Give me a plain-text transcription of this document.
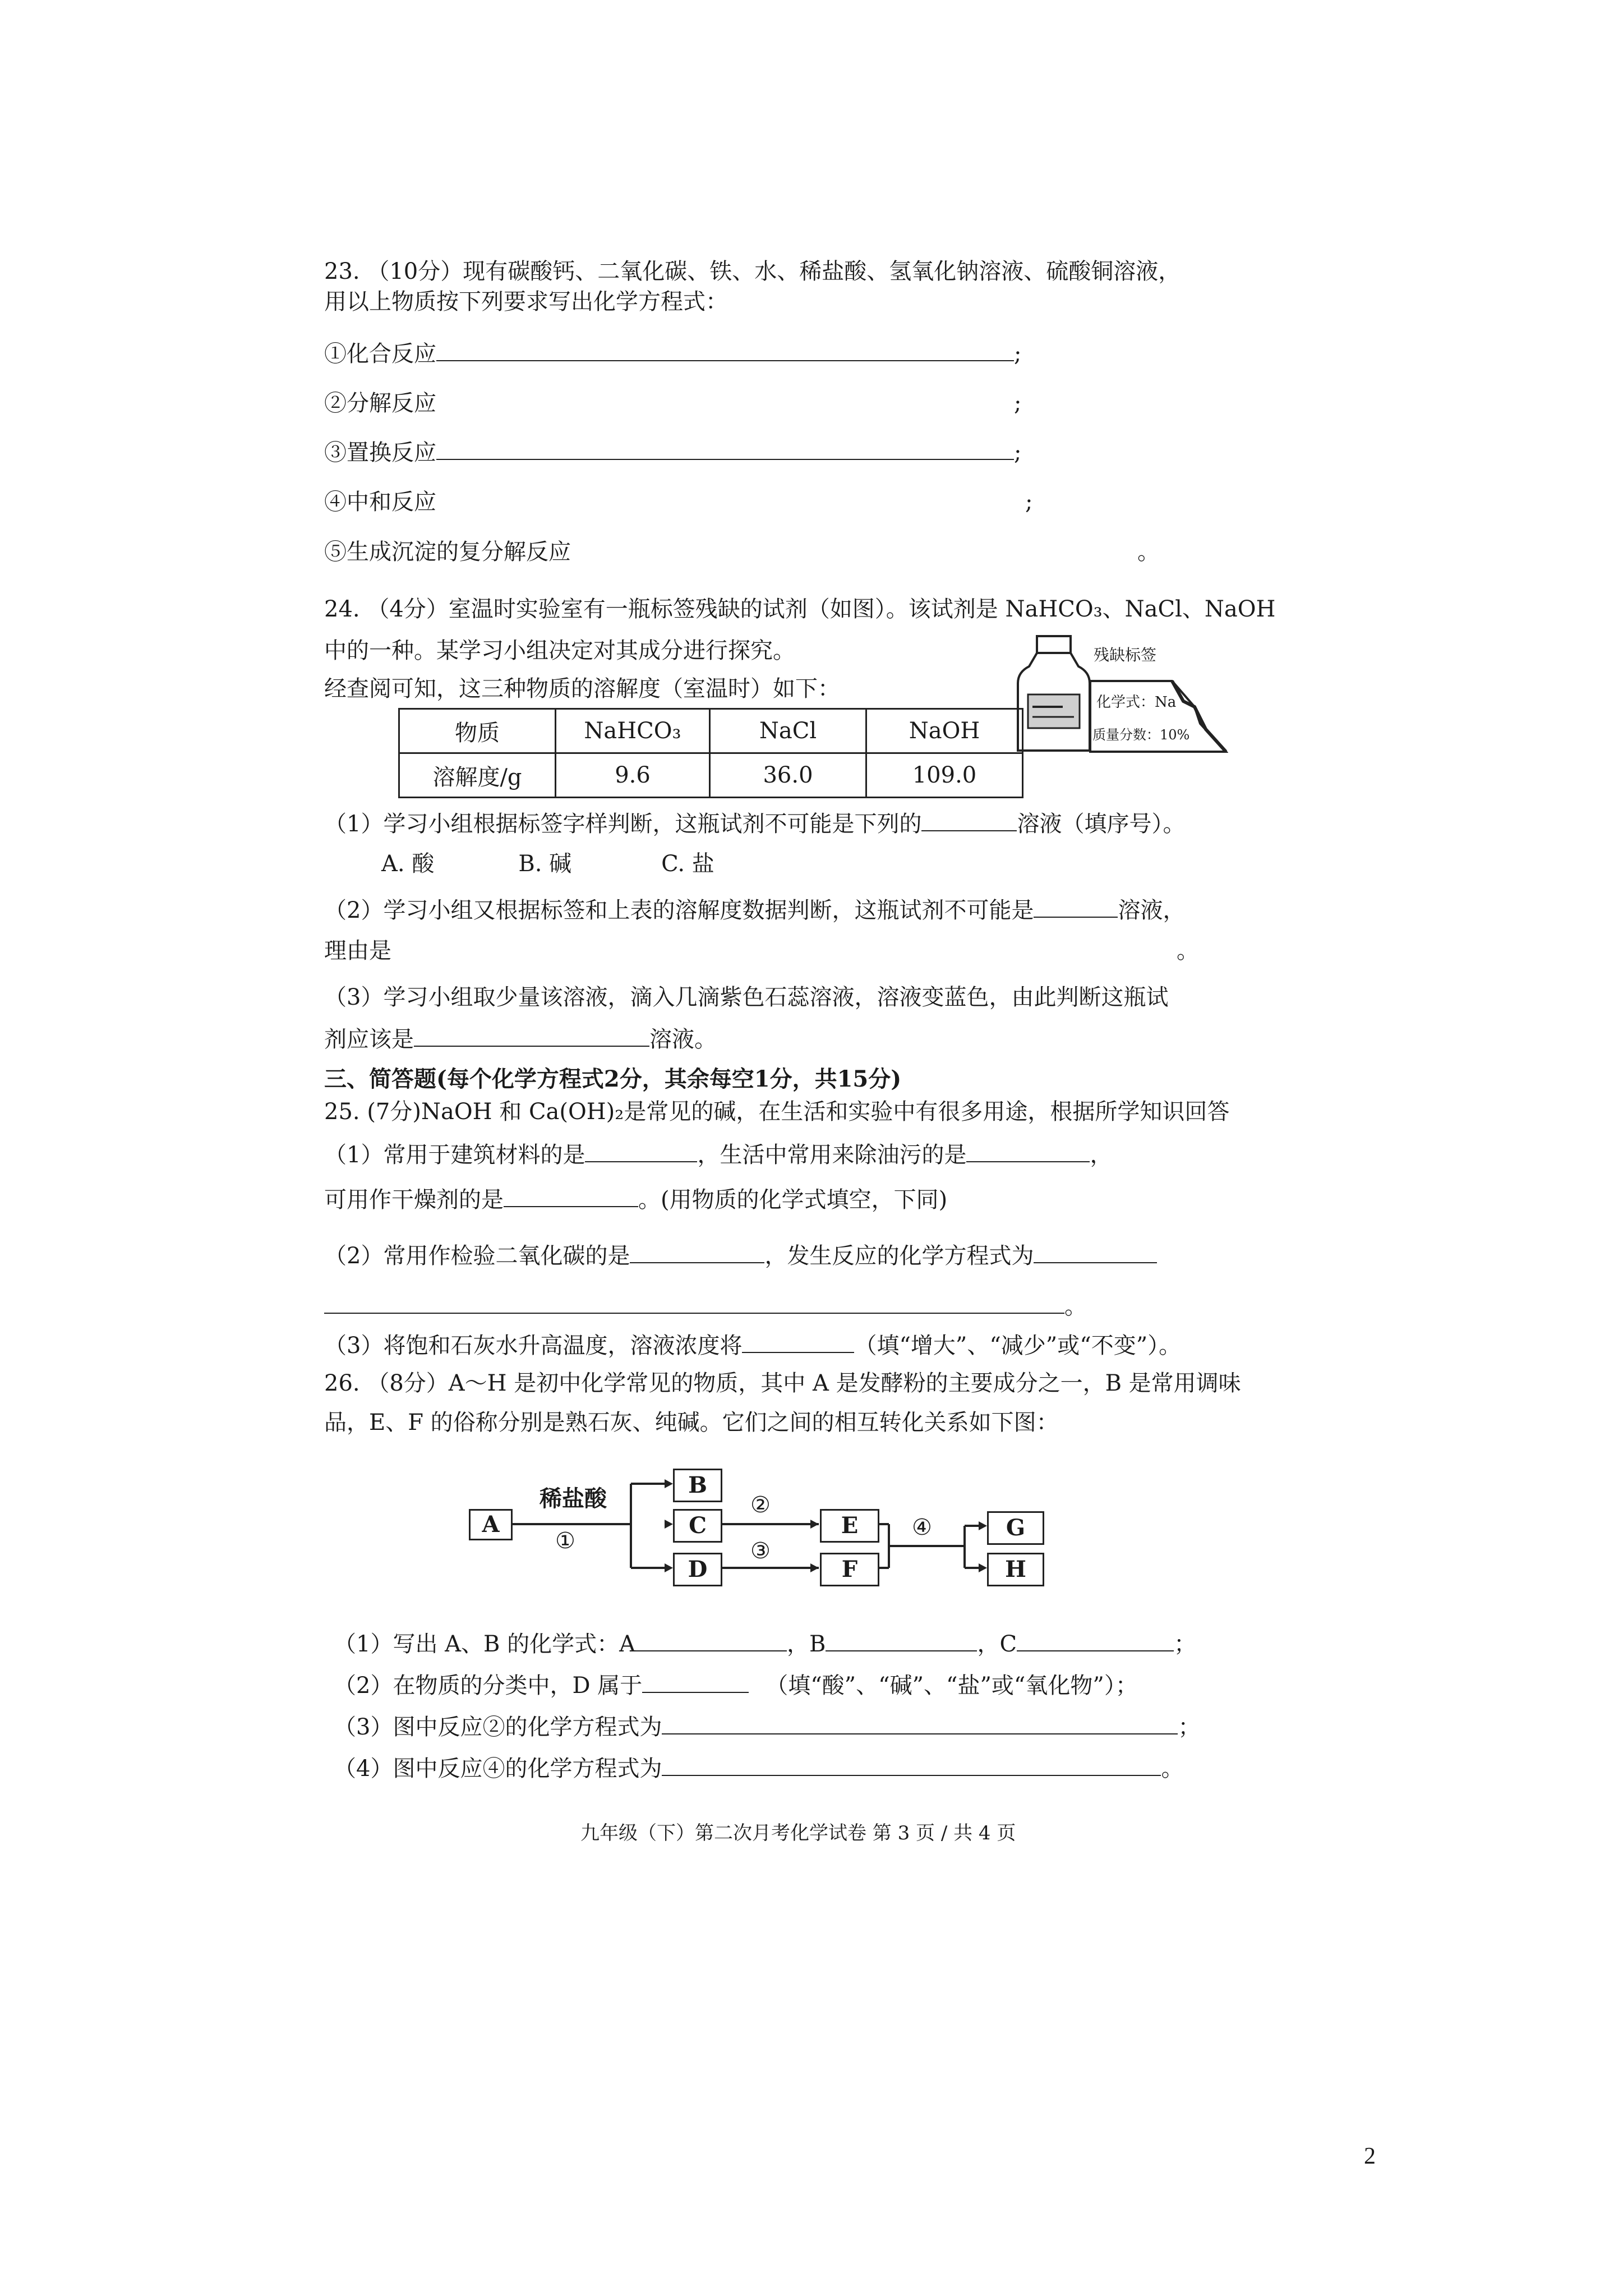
23. （10分）现有碳酸钙、二氧化碳、铁、水、稀盐酸、氢氧化钠溶液、硫酸铜溶液，
用以上物质按下列要求写出化学方程式：
①化合反应	;
②分解反应	;
③置换反应	;
④中和反应	;
⑤生成沉淀的复分解反应	。
24. （4分）室温时实验室有一瓶标签残缺的试剂（如图）。该试剂是 NaHCO₃、NaCl、NaOH
中的一种。某学习小组决定对其成分进行探究。
经查阅可知，这三种物质的溶解度（室温时）如下：
残缺标签
化学式：Na
质量分数：10%
物质	NaHCO₃	NaCl	NaOH
溶解度/g	9.6	36.0	109.0
（1）学习小组根据标签字样判断，这瓶试剂不可能是下列的	溶液（填序号）。
A. 酸	B. 碱	C. 盐
（2）学习小组又根据标签和上表的溶解度数据判断，这瓶试剂不可能是	溶液，
理由是	。
（3）学习小组取少量该溶液，滴入几滴紫色石蕊溶液，溶液变蓝色，由此判断这瓶试
剂应该是	溶液。
三、简答题(每个化学方程式2分，其余每空1分，共15分)
25. (7分)NaOH 和 Ca(OH)₂是常见的碱，在生活和实验中有很多用途，根据所学知识回答
（1）常用于建筑材料的是	，生活中常用来除油污的是	，
可用作干燥剂的是	。(用物质的化学式填空，下同)
（2）常用作检验二氧化碳的是	，发生反应的化学方程式为
。
（3）将饱和石灰水升高温度，溶液浓度将	（填“增大”、“减少”或“不变”）。
26. （8分）A～H 是初中化学常见的物质，其中 A 是发酵粉的主要成分之一，B 是常用调味
品，E、F 的俗称分别是熟石灰、纯碱。它们之间的相互转化关系如下图：
A
B
C
D
E
F
G
H
稀盐酸
①
②
③
④
（1）写出 A、B 的化学式：A	，B	，C	；
（2）在物质的分类中，D 属于	（填“酸”、“碱”、“盐”或“氧化物”）；
（3）图中反应②的化学方程式为	；
（4）图中反应④的化学方程式为	。
九年级（下）第二次月考化学试卷 第 3 页 / 共 4 页
2
